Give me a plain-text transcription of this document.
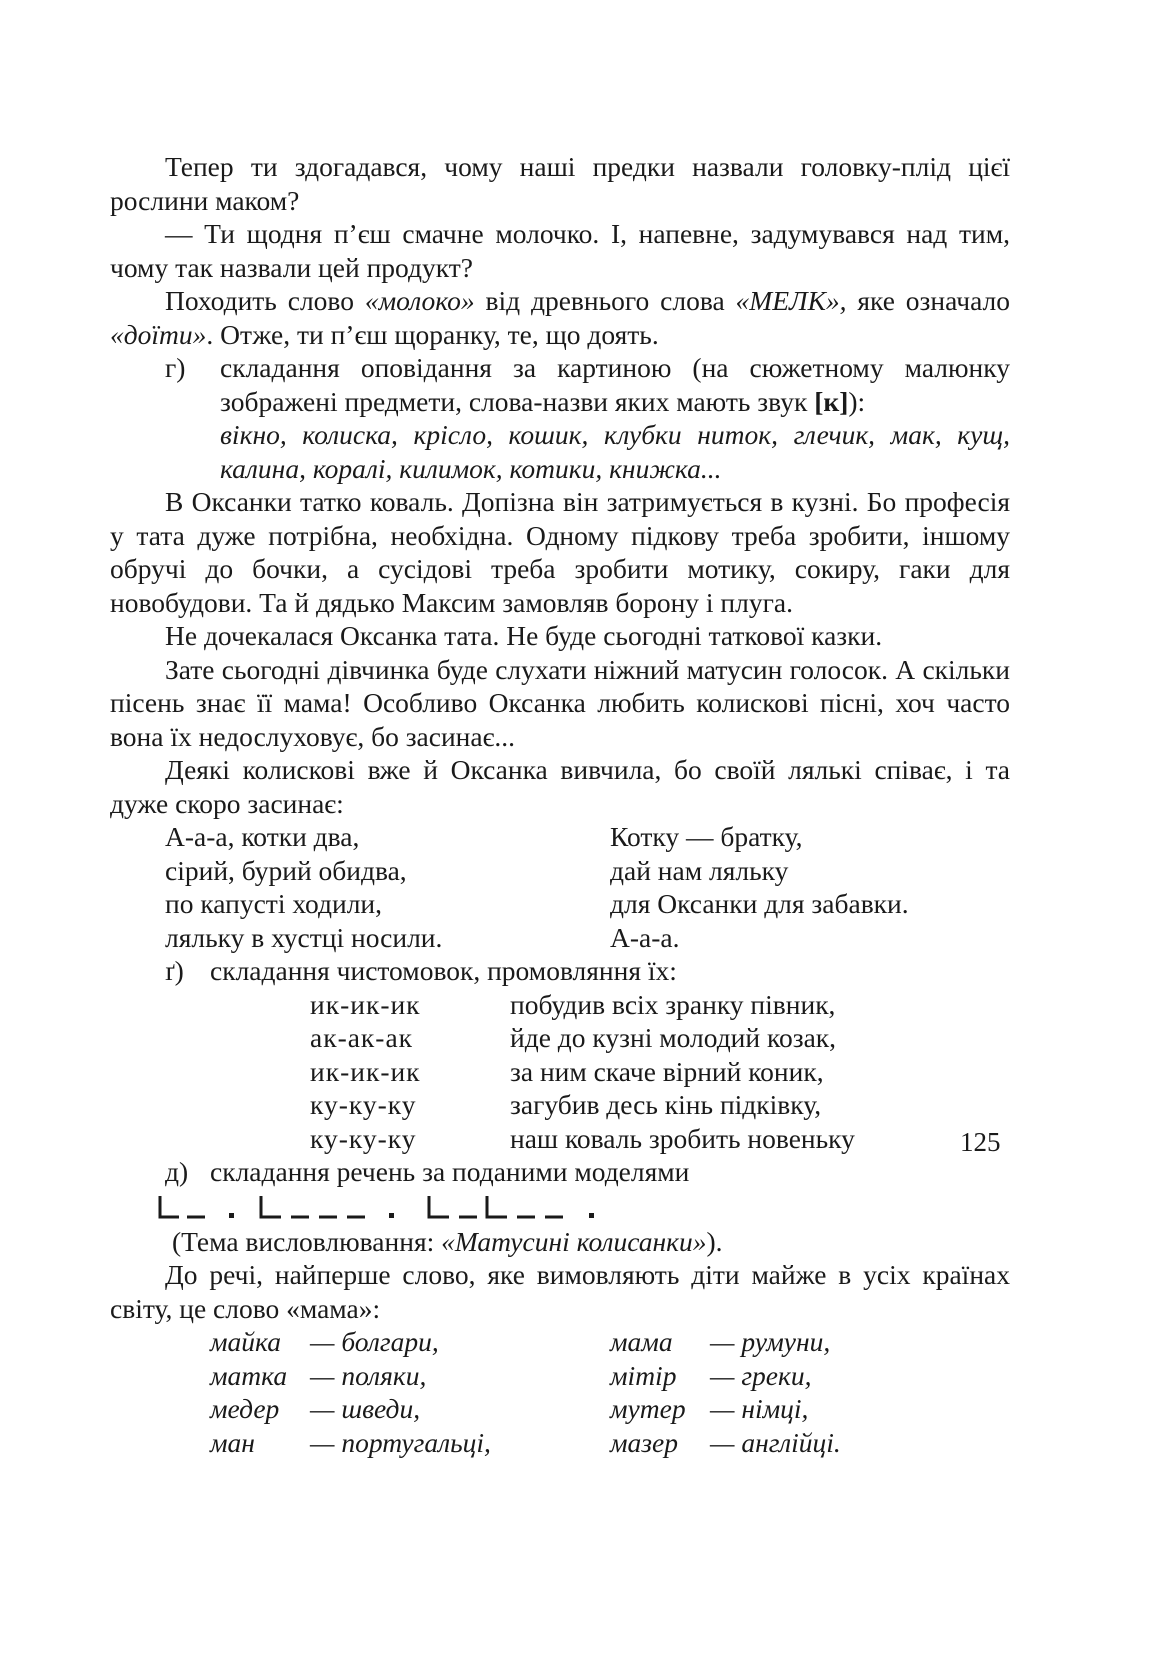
Тепер ти здогадався, чому наші предки назвали головку-плід цієї рослини маком?

— Ти щодня п’єш смачне молочко. І, напевне, задумувався над тим, чому так назвали цей продукт?

Походить слово «молоко» від древнього слова «МЕЛК», яке означало «доїти». Отже, ти п’єш щоранку, те, що доять.

г)	складання оповідання за картиною (на сюжетному малюнку зображені предмети, слова-назви яких мають звук [к]):
вікно, колиска, крісло, кошик, клубки ниток, глечик, мак, кущ, калина, коралі, килимок, котики, книжка...

В Оксанки татко коваль. Допізна він затримується в кузні. Бо професія у тата дуже потрібна, необхідна. Одному підкову треба зробити, іншому обручі до бочки, а сусідові треба зробити мотику, сокиру, гаки для новобудови. Та й дядько Максим замовляв борону і плуга.

Не дочекалася Оксанка тата. Не буде сьогодні таткової казки.

Зате сьогодні дівчинка буде слухати ніжний матусин голосок. А скільки пісень знає її мама! Особливо Оксанка любить колискові пісні, хоч часто вона їх недослуховує, бо засинає...

Деякі колискові вже й Оксанка вивчила, бо своїй лялькі співає, і та дуже скоро засинає:

А-а-а, котки два,	Котку — братку,
сірий, бурий обидва,	дай нам ляльку
по капусті ходили,	для Оксанки для забавки.
ляльку в хустці носили.	А-а-а.
ґ) складання чистомовок, промовляння їх:
ик-ик-ик	побудив всіх зранку півник,
ак-ак-ак	йде до кузні молодий козак,
ик-ик-ик	за ним скаче вірний коник,
ку-ку-ку	загубив десь кінь підківку,
ку-ку-ку	наш коваль зробить новеньку
д) складання речень за поданими моделями

(Тема висловлювання: «Матусині колисанки»).

До речі, найперше слово, яке вимовляють діти майже в усіх країнах світу, це слово «мама»:

майка	— болгари,	мама	— румуни,
матка — поляки,	мітір	— греки,
медер	— шведи,	мутер — німці,
ман	— португальці,	мазер	— англійці.
125
